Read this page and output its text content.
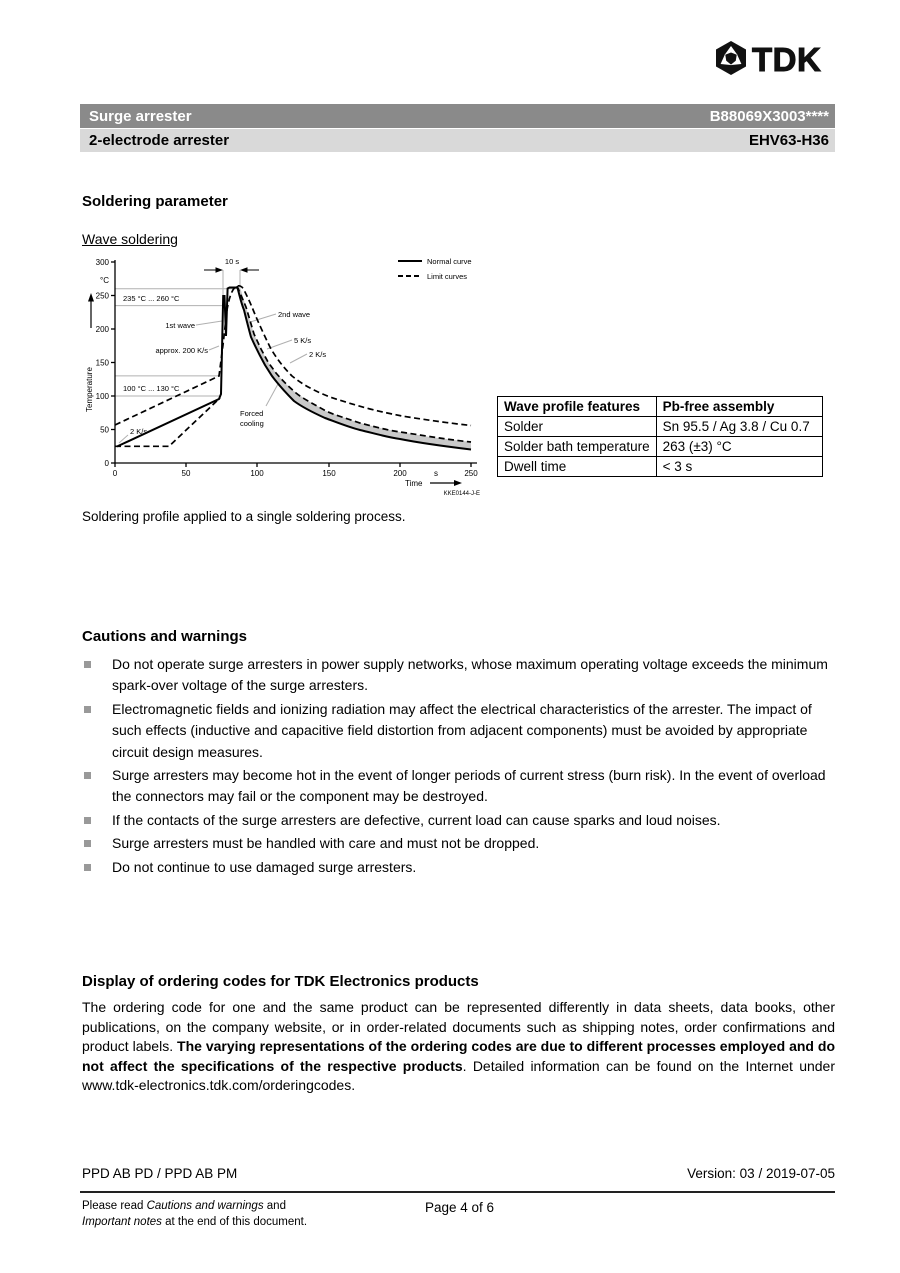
TDK
Surge arrester	B88069X3003****
2-electrode arrester	EHV63-H36
Soldering parameter
Wave soldering
300
°C
250
200
150
100
50
0
0	50	100	150	200	250
s
Temperature
Time
10 s
235 °C ... 260 °C
100 °C ... 130 °C
1st wave
2nd wave
5 K/s
2 K/s
approx. 200 K/s
2 K/s
Forced
cooling
KKE0144-J-E
Normal curve
Limit curves
Wave profile features	Pb-free assembly
Solder	Sn 95.5 / Ag 3.8 / Cu 0.7
Solder bath temperature	263 (±3) °C
Dwell time	< 3 s
Soldering profile applied to a single soldering process.
Cautions and warnings
Do not operate surge arresters in power supply networks, whose maximum operating voltage exceeds the minimum spark-over voltage of the surge arresters.
Electromagnetic fields and ionizing radiation may affect the electrical characteristics of the arrester. The impact of such effects (inductive and capacitive field distortion from adjacent components) must be avoided by appropriate circuit design measures.
Surge arresters may become hot in the event of longer periods of current stress (burn risk). In the event of overload the connectors may fail or the component may be destroyed.
If the contacts of the surge arresters are defective, current load can cause sparks and loud noises.
Surge arresters must be handled with care and must not be dropped.
Do not continue to use damaged surge arresters.
Display of ordering codes for TDK Electronics products

The ordering code for one and the same product can be represented differently in data sheets, data books, other publications, on the company website, or in order-related documents such as shipping notes, order confirmations and product labels. The varying representations of the ordering codes are due to different processes employed and do not affect the specifications of the respective products. Detailed information can be found on the Internet under www.tdk-electronics.tdk.com/orderingcodes.

PPD AB PD / PPD AB PM	Version: 03 / 2019-07-05
Please read Cautions and warnings and
Important notes at the end of this document.
Page 4 of 6
